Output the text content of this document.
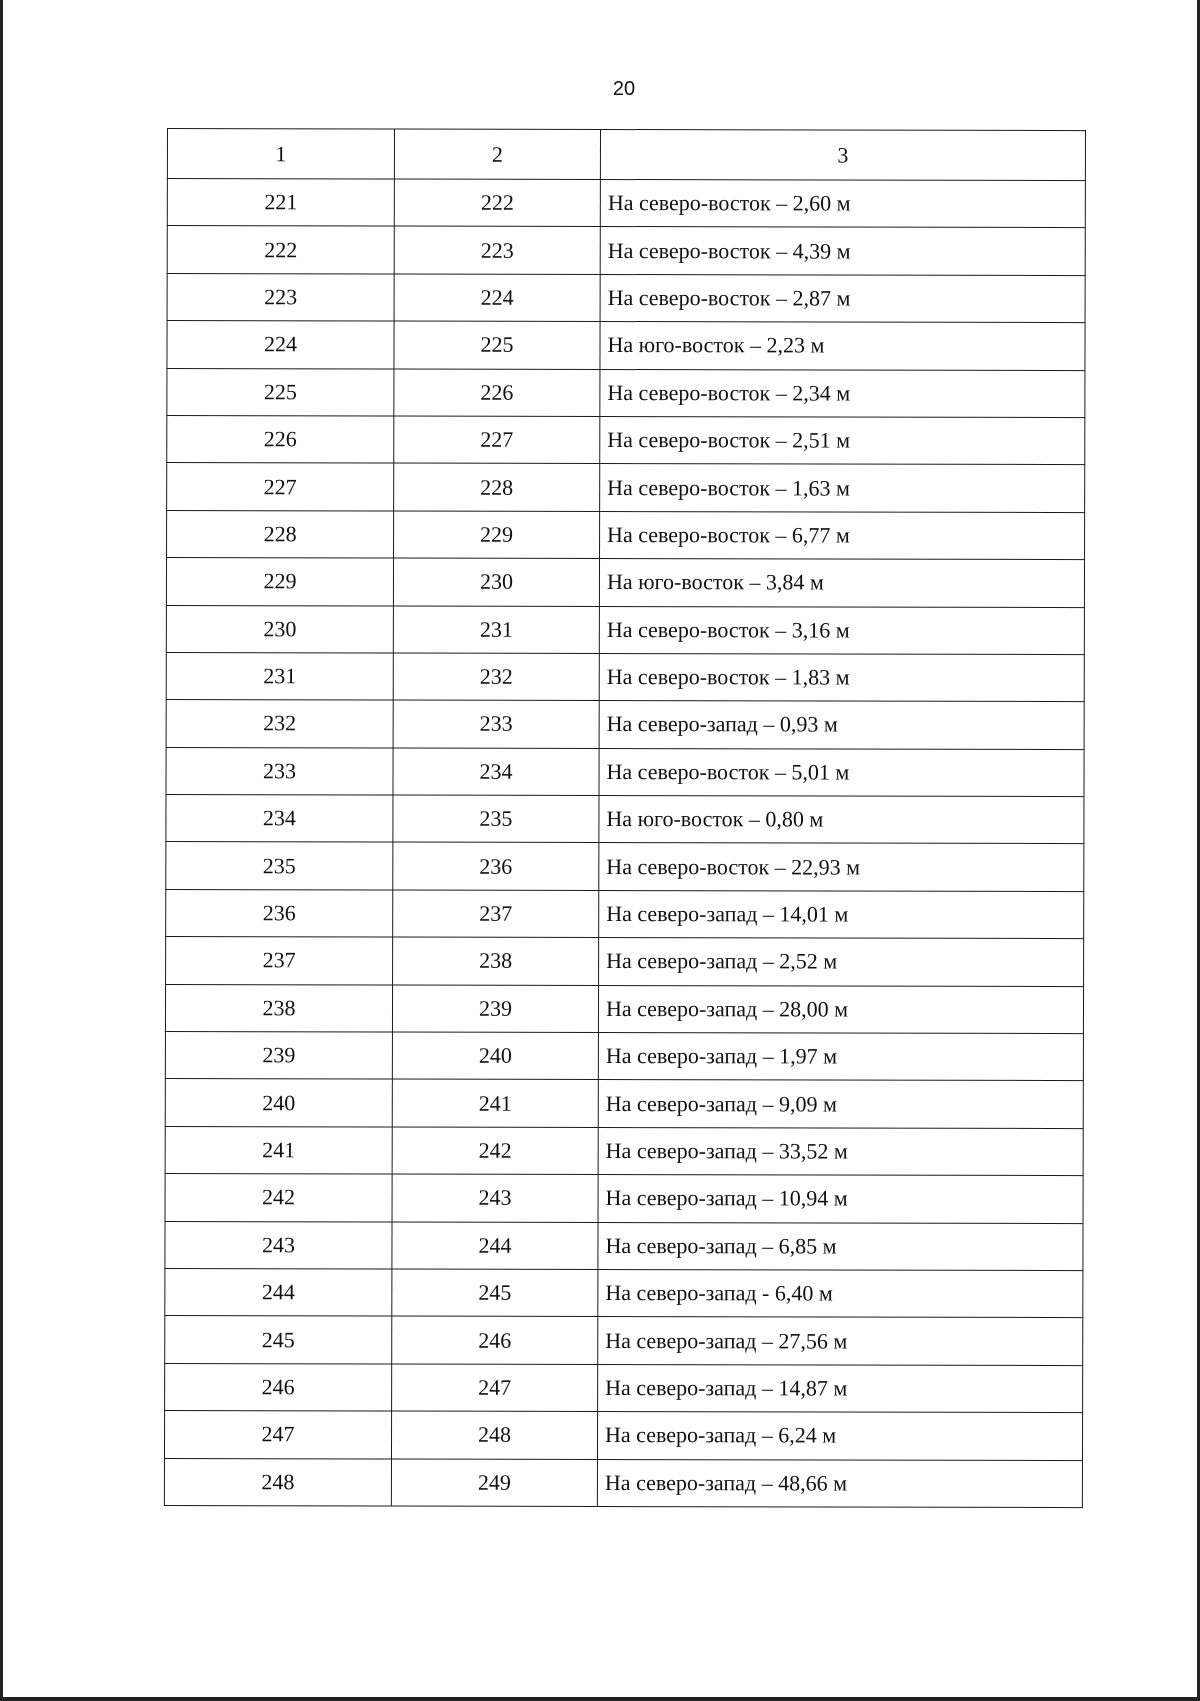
20
1	2	3
221	222	На северо-восток – 2,60 м
222	223	На северо-восток – 4,39 м
223	224	На северо-восток – 2,87 м
224	225	На юго-восток – 2,23 м
225	226	На северо-восток – 2,34 м
226	227	На северо-восток – 2,51 м
227	228	На северо-восток – 1,63 м
228	229	На северо-восток – 6,77 м
229	230	На юго-восток – 3,84 м
230	231	На северо-восток – 3,16 м
231	232	На северо-восток – 1,83 м
232	233	На северо-запад – 0,93 м
233	234	На северо-восток – 5,01 м
234	235	На юго-восток – 0,80 м
235	236	На северо-восток – 22,93 м
236	237	На северо-запад – 14,01 м
237	238	На северо-запад – 2,52 м
238	239	На северо-запад – 28,00 м
239	240	На северо-запад – 1,97 м
240	241	На северо-запад – 9,09 м
241	242	На северо-запад – 33,52 м
242	243	На северо-запад – 10,94 м
243	244	На северо-запад – 6,85 м
244	245	На северо-запад - 6,40 м
245	246	На северо-запад – 27,56 м
246	247	На северо-запад – 14,87 м
247	248	На северо-запад – 6,24 м
248	249	На северо-запад – 48,66 м
